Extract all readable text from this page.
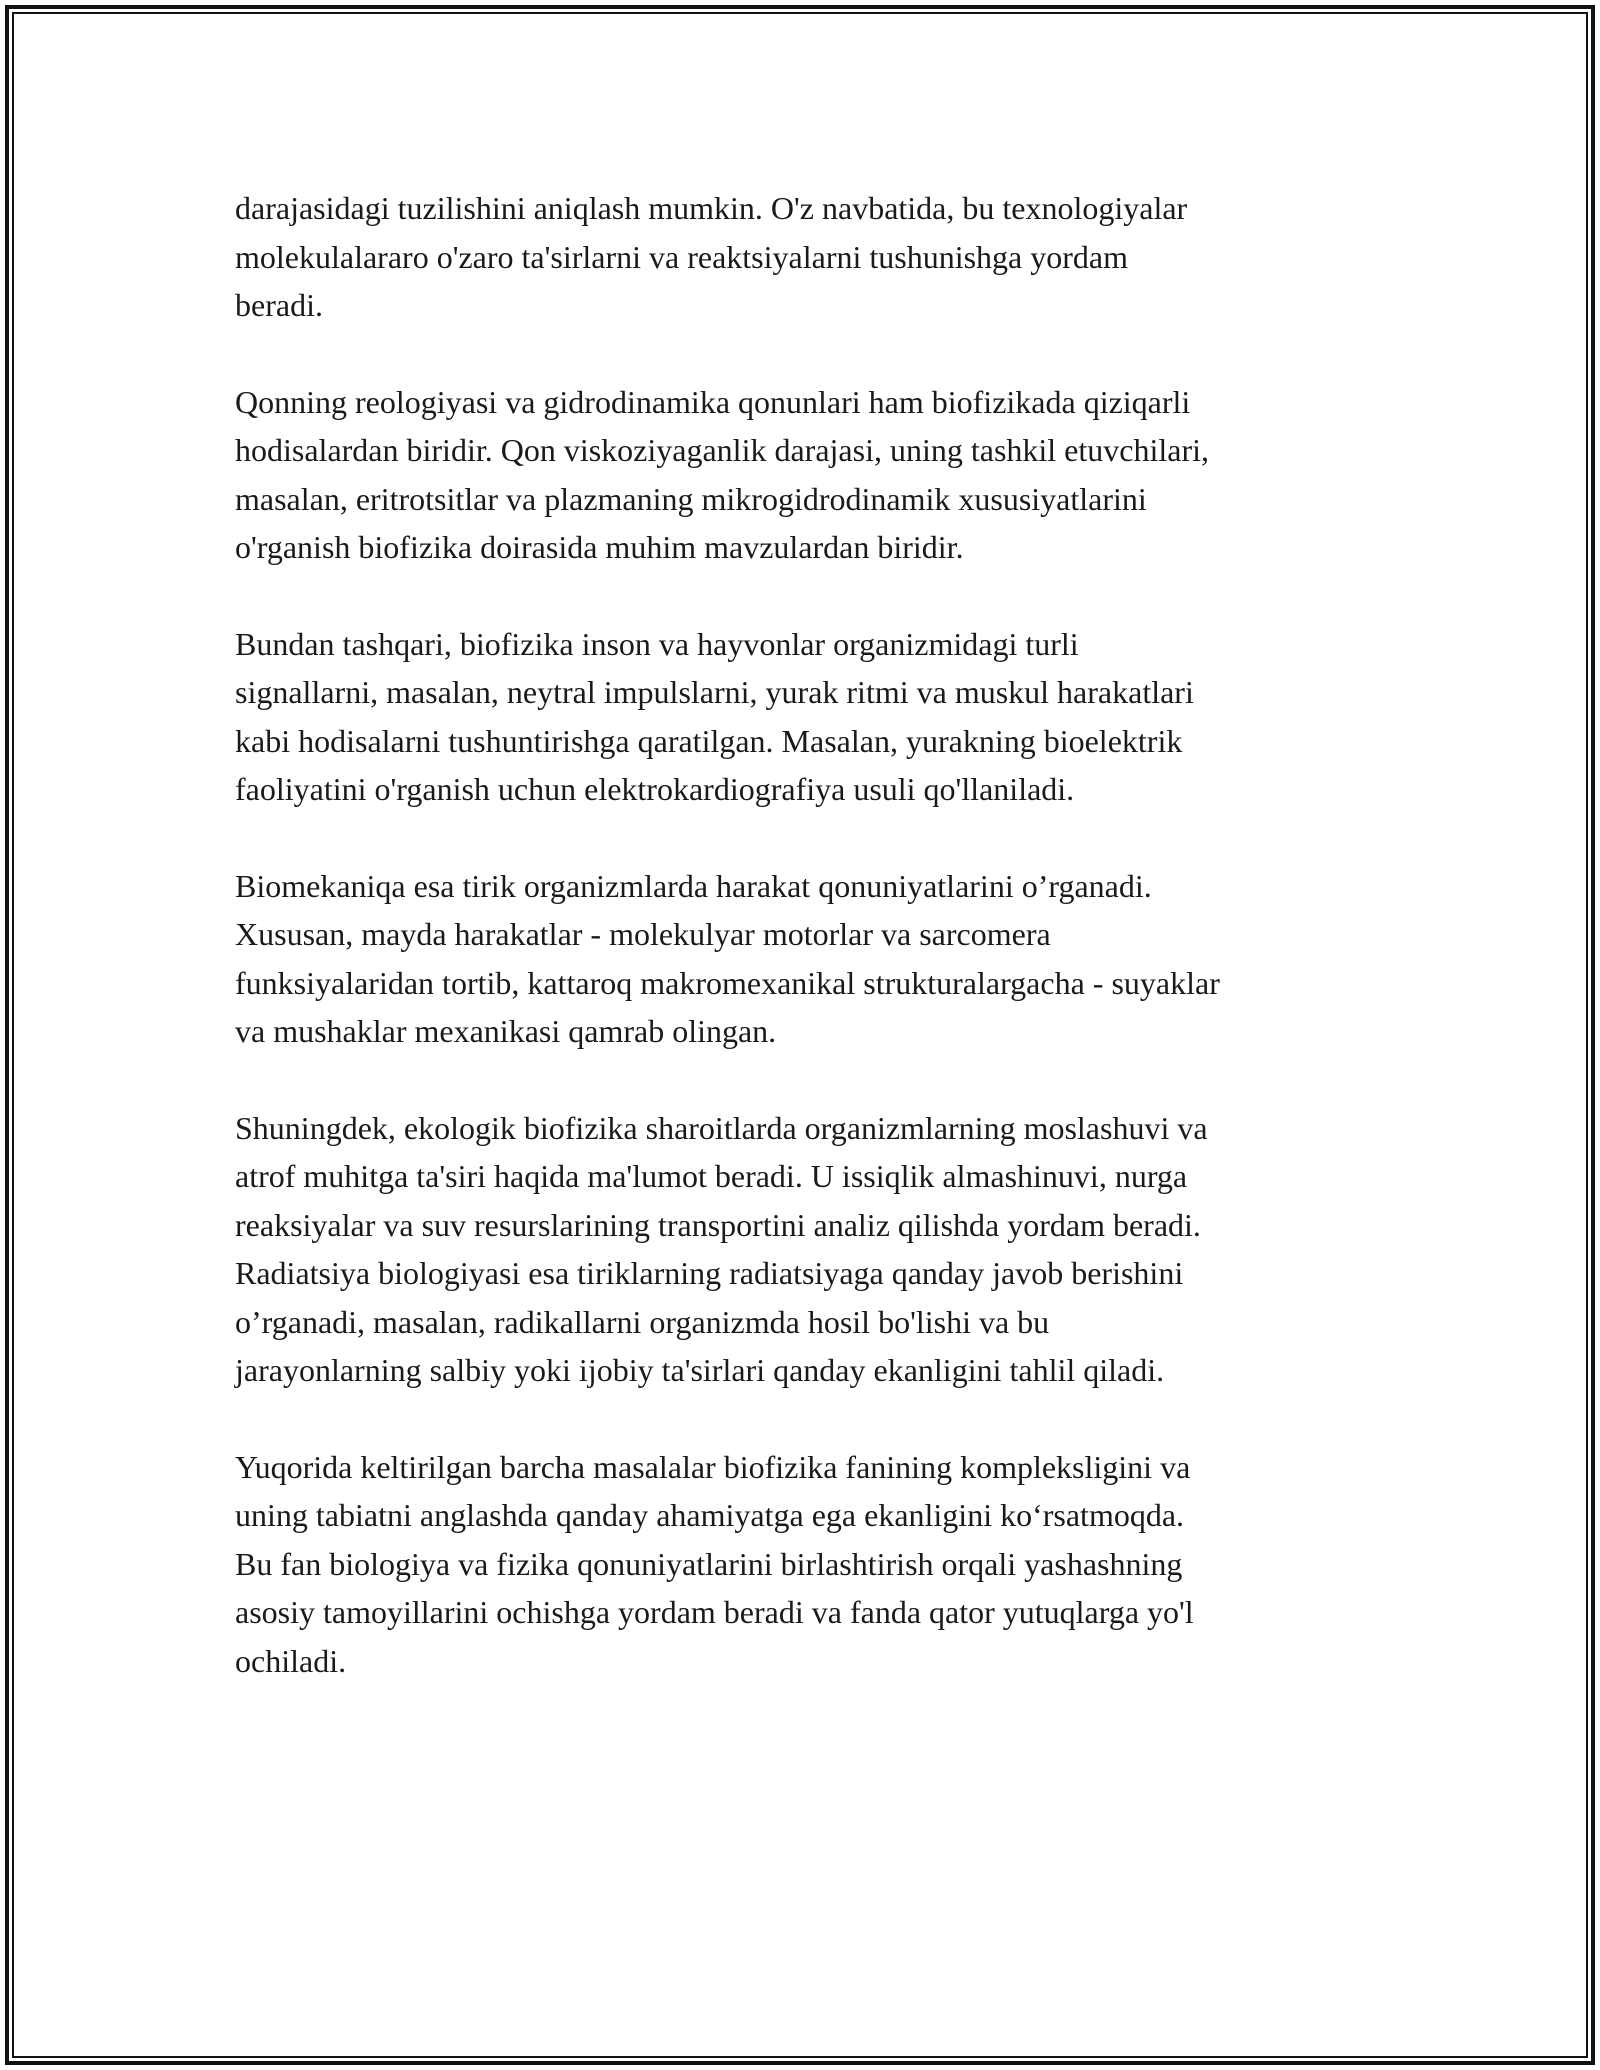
darajasidagi tuzilishini aniqlash mumkin. O'z navbatida, bu texnologiyalar
molekulalararo o'zaro ta'sirlarni va reaktsiyalarni tushunishga yordam
beradi.

Qonning reologiyasi va gidrodinamika qonunlari ham biofizikada qiziqarli
hodisalardan biridir. Qon viskoziyaganlik darajasi, uning tashkil etuvchilari,
masalan, eritrotsitlar va plazmaning mikrogidrodinamik xususiyatlarini
o'rganish biofizika doirasida muhim mavzulardan biridir.

Bundan tashqari, biofizika inson va hayvonlar organizmidagi turli
signallarni, masalan, neytral impulslarni, yurak ritmi va muskul harakatlari
kabi hodisalarni tushuntirishga qaratilgan. Masalan, yurakning bioelektrik
faoliyatini o'rganish uchun elektrokardiografiya usuli qo'llaniladi.

Biomekaniqa esa tirik organizmlarda harakat qonuniyatlarini o’rganadi.
Xususan, mayda harakatlar - molekulyar motorlar va sarcomera
funksiyalaridan tortib, kattaroq makromexanikal strukturalargacha - suyaklar
va mushaklar mexanikasi qamrab olingan.

Shuningdek, ekologik biofizika sharoitlarda organizmlarning moslashuvi va
atrof muhitga ta'siri haqida ma'lumot beradi. U issiqlik almashinuvi, nurga
reaksiyalar va suv resurslarining transportini analiz qilishda yordam beradi.
Radiatsiya biologiyasi esa tiriklarning radiatsiyaga qanday javob berishini
o’rganadi, masalan, radikallarni organizmda hosil bo'lishi va bu
jarayonlarning salbiy yoki ijobiy ta'sirlari qanday ekanligini tahlil qiladi.

Yuqorida keltirilgan barcha masalalar biofizika fanining kompleksligini va
uning tabiatni anglashda qanday ahamiyatga ega ekanligini ko‘rsatmoqda.
Bu fan biologiya va fizika qonuniyatlarini birlashtirish orqali yashashning
asosiy tamoyillarini ochishga yordam beradi va fanda qator yutuqlarga yo'l
ochiladi.
